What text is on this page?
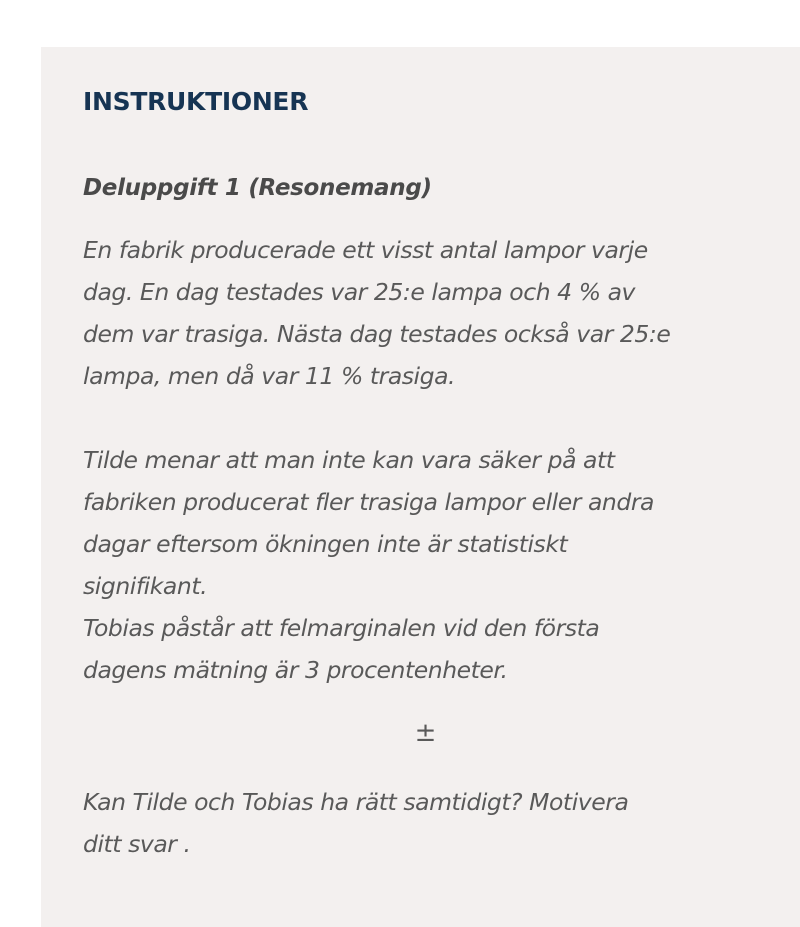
INSTRUKTIONER
Deluppgift 1 (Resonemang)

En fabrik producerade ett visst antal lampor varje
dag. En dag testades var 25:e lampa och 4 % av
dem var trasiga. Nästa dag testades också var 25:e
lampa, men då var 11 % trasiga.

Tilde menar att man inte kan vara säker på att
fabriken producerat fler trasiga lampor eller andra
dagar eftersom ökningen inte är statistiskt
signifikant.
Tobias påstår att felmarginalen vid den första
dagens mätning är 3 procentenheter.

±

Kan Tilde och Tobias ha rätt samtidigt? Motivera
ditt svar .
